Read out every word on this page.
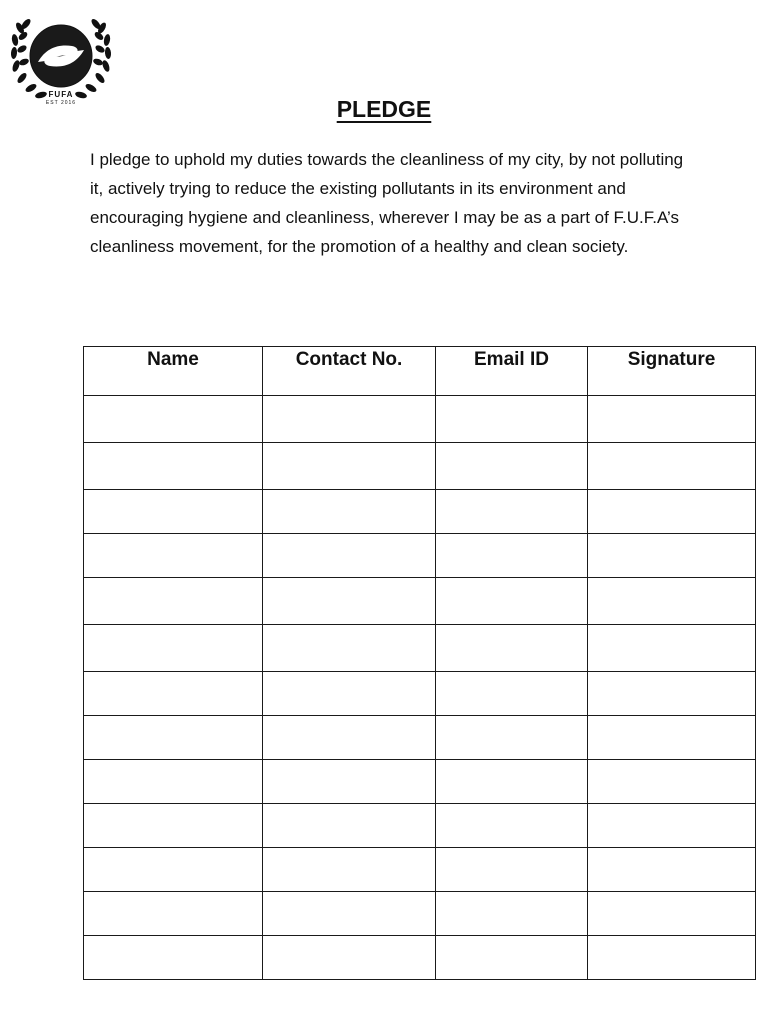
FUFA
EST 2016	PLEDGE

I pledge to uphold my duties towards the cleanliness of my city, by not polluting it, actively trying to reduce the existing pollutants in its environment and encouraging hygiene and cleanliness, wherever I may be as a part of F.U.F.A’s cleanliness movement, for the promotion of a healthy and clean society.

Name	Contact No.	Email ID	Signature
